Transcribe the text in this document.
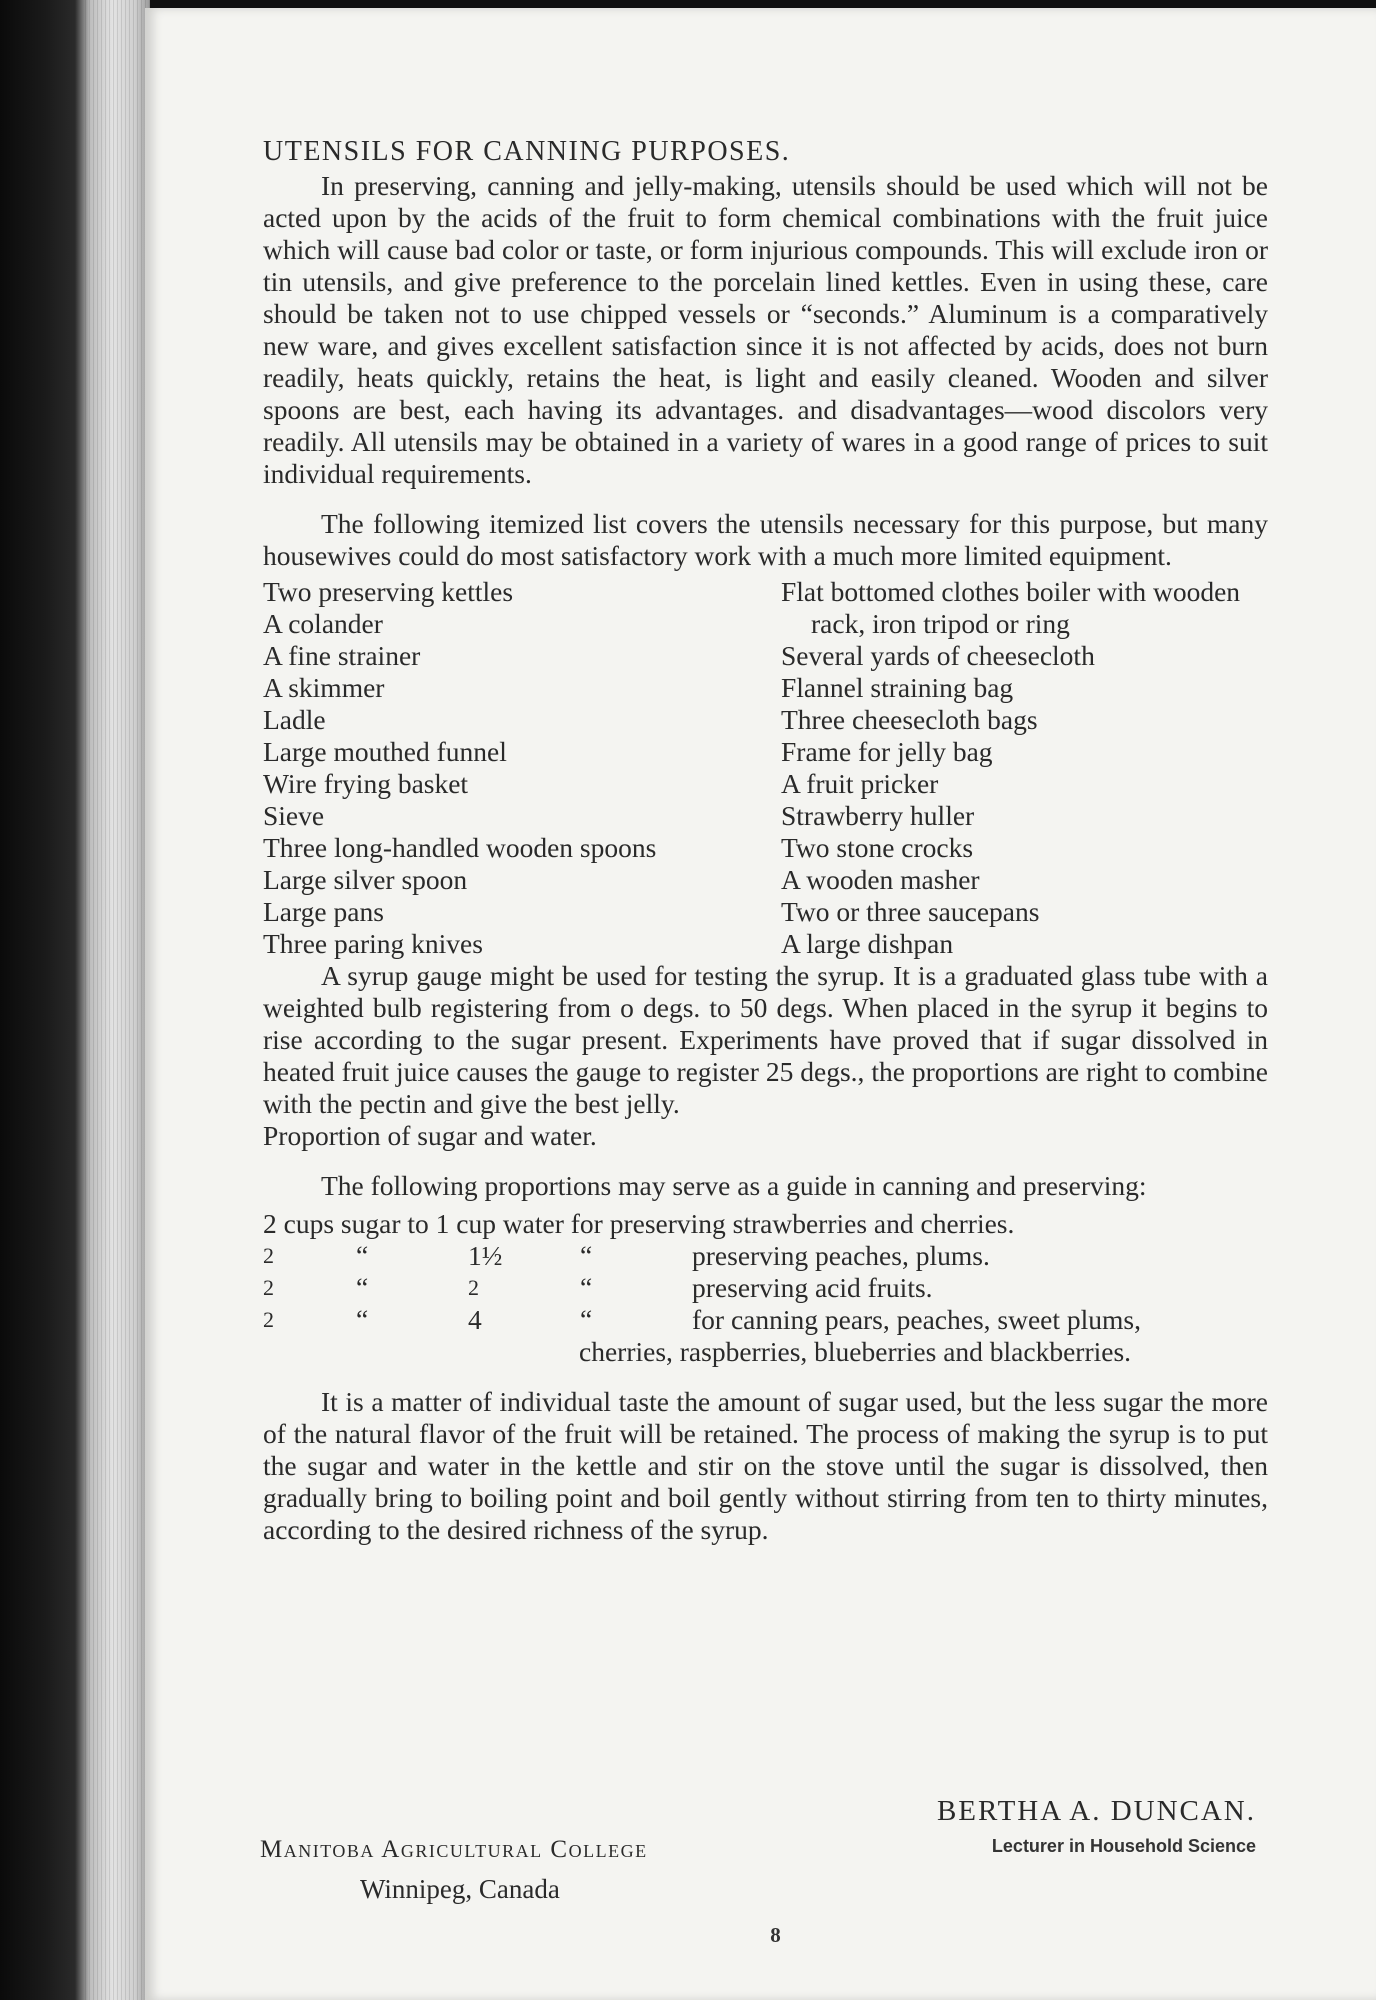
UTENSILS FOR CANNING PURPOSES.

In preserving, canning and jelly-making, utensils should be used which will not be acted upon by the acids of the fruit to form chemical combinations with the fruit juice which will cause bad color or taste, or form injurious compounds. This will exclude iron or tin utensils, and give preference to the porcelain lined kettles. Even in using these, care should be taken not to use chipped vessels or “seconds.” Aluminum is a comparatively new ware, and gives excellent satisfaction since it is not affected by acids, does not burn readily, heats quickly, retains the heat, is light and easily cleaned. Wooden and silver spoons are best, each having its advantages. and disadvantages—wood discolors very readily. All utensils may be obtained in a variety of wares in a good range of prices to suit individual requirements.

The following itemized list covers the utensils necessary for this purpose, but many housewives could do most satisfactory work with a much more limited equipment.

Two preserving kettles
A colander
A fine strainer
A skimmer
Ladle
Large mouthed funnel
Wire frying basket
Sieve
Three long-handled wooden spoons
Large silver spoon
Large pans
Three paring knives
Flat bottomed clothes boiler with wooden rack, iron tripod or ring
Several yards of cheesecloth
Flannel straining bag
Three cheesecloth bags
Frame for jelly bag
A fruit pricker
Strawberry huller
Two stone crocks
A wooden masher
Two or three saucepans
A large dishpan

A syrup gauge might be used for testing the syrup. It is a graduated glass tube with a weighted bulb registering from o degs. to 50 degs. When placed in the syrup it begins to rise according to the sugar present. Experiments have proved that if sugar dissolved in heated fruit juice causes the gauge to register 25 degs., the proportions are right to combine with the pectin and give the best jelly.

Proportion of sugar and water.

The following proportions may serve as a guide in canning and preserving:

2 cups sugar to 1 cup water for preserving strawberries and cherries.
2	“	1½	“	preserving peaches, plums.
2	“	2	“	preserving acid fruits.
2	“	4	“	for canning pears, peaches, sweet plums,
cherries, raspberries, blueberries and blackberries.

It is a matter of individual taste the amount of sugar used, but the less sugar the more of the natural flavor of the fruit will be retained. The process of making the syrup is to put the sugar and water in the kettle and stir on the stove until the sugar is dissolved, then gradually bring to boiling point and boil gently without stirring from ten to thirty minutes, according to the desired richness of the syrup.

BERTHA A. DUNCAN.
Lecturer in Household Science
Manitoba Agricultural College
Winnipeg, Canada
8
